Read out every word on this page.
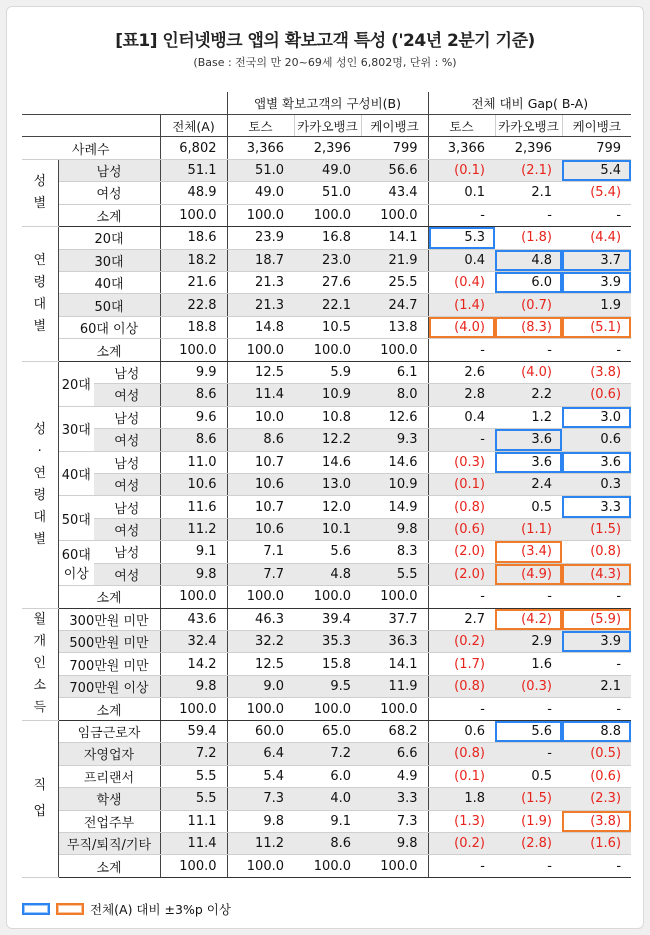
[표1] 인터넷뱅크 앱의 확보고객 특성 ('24년 2분기 기준)
(Base : 전국의 만 20~69세 성인 6,802명, 단위 : %)
				앱별 확보고객의 구성비(B)			전체 대비 Gap( B-A)		
			전체(A)	토스	카카오뱅크	케이뱅크	토스	카카오뱅크	케이뱅크
사례수			6,802	3,366	2,396	799	3,366	2,396	799
성별	남성		51.1	51.0	49.0	56.6	(0.1)	(2.1)	5.4
	여성		48.9	49.0	51.0	43.4	0.1	2.1	(5.4)
	소계		100.0	100.0	100.0	100.0	-	-	-
연령대별	20대		18.6	23.9	16.8	14.1	5.3	(1.8)	(4.4)
	30대		18.2	18.7	23.0	21.9	0.4	4.8	3.7
	40대		21.6	21.3	27.6	25.5	(0.4)	6.0	3.9
	50대		22.8	21.3	22.1	24.7	(1.4)	(0.7)	1.9
	60대 이상		18.8	14.8	10.5	13.8	(4.0)	(8.3)	(5.1)
	소계		100.0	100.0	100.0	100.0	-	-	-
성·연령대별	20대	남성	9.9	12.5	5.9	6.1	2.6	(4.0)	(3.8)
		여성	8.6	11.4	10.9	8.0	2.8	2.2	(0.6)
	30대	남성	9.6	10.0	10.8	12.6	0.4	1.2	3.0
		여성	8.6	8.6	12.2	9.3	-	3.6	0.6
	40대	남성	11.0	10.7	14.6	14.6	(0.3)	3.6	3.6
		여성	10.6	10.6	13.0	10.9	(0.1)	2.4	0.3
	50대	남성	11.6	10.7	12.0	14.9	(0.8)	0.5	3.3
		여성	11.2	10.6	10.1	9.8	(0.6)	(1.1)	(1.5)
	60대 이상	남성	9.1	7.1	5.6	8.3	(2.0)	(3.4)	(0.8)
		여성	9.8	7.7	4.8	5.5	(2.0)	(4.9)	(4.3)
	소계		100.0	100.0	100.0	100.0	-	-	-
월개인소득	300만원 미만		43.6	46.3	39.4	37.7	2.7	(4.2)	(5.9)
	500만원 미만		32.4	32.2	35.3	36.3	(0.2)	2.9	3.9
	700만원 미만		14.2	12.5	15.8	14.1	(1.7)	1.6	-
	700만원 이상		9.8	9.0	9.5	11.9	(0.8)	(0.3)	2.1
	소계		100.0	100.0	100.0	100.0	-	-	-
직업	임금근로자		59.4	60.0	65.0	68.2	0.6	5.6	8.8
	자영업자		7.2	6.4	7.2	6.6	(0.8)	-	(0.5)
	프리랜서		5.5	5.4	6.0	4.9	(0.1)	0.5	(0.6)
	학생		5.5	7.3	4.0	3.3	1.8	(1.5)	(2.3)
	전업주부		11.1	9.8	9.1	7.3	(1.3)	(1.9)	(3.8)
	무직/퇴직/기타		11.4	11.2	8.6	9.8	(0.2)	(2.8)	(1.6)
	소계		100.0	100.0	100.0	100.0	-	-	-
전체(A) 대비 ±3%p 이상
